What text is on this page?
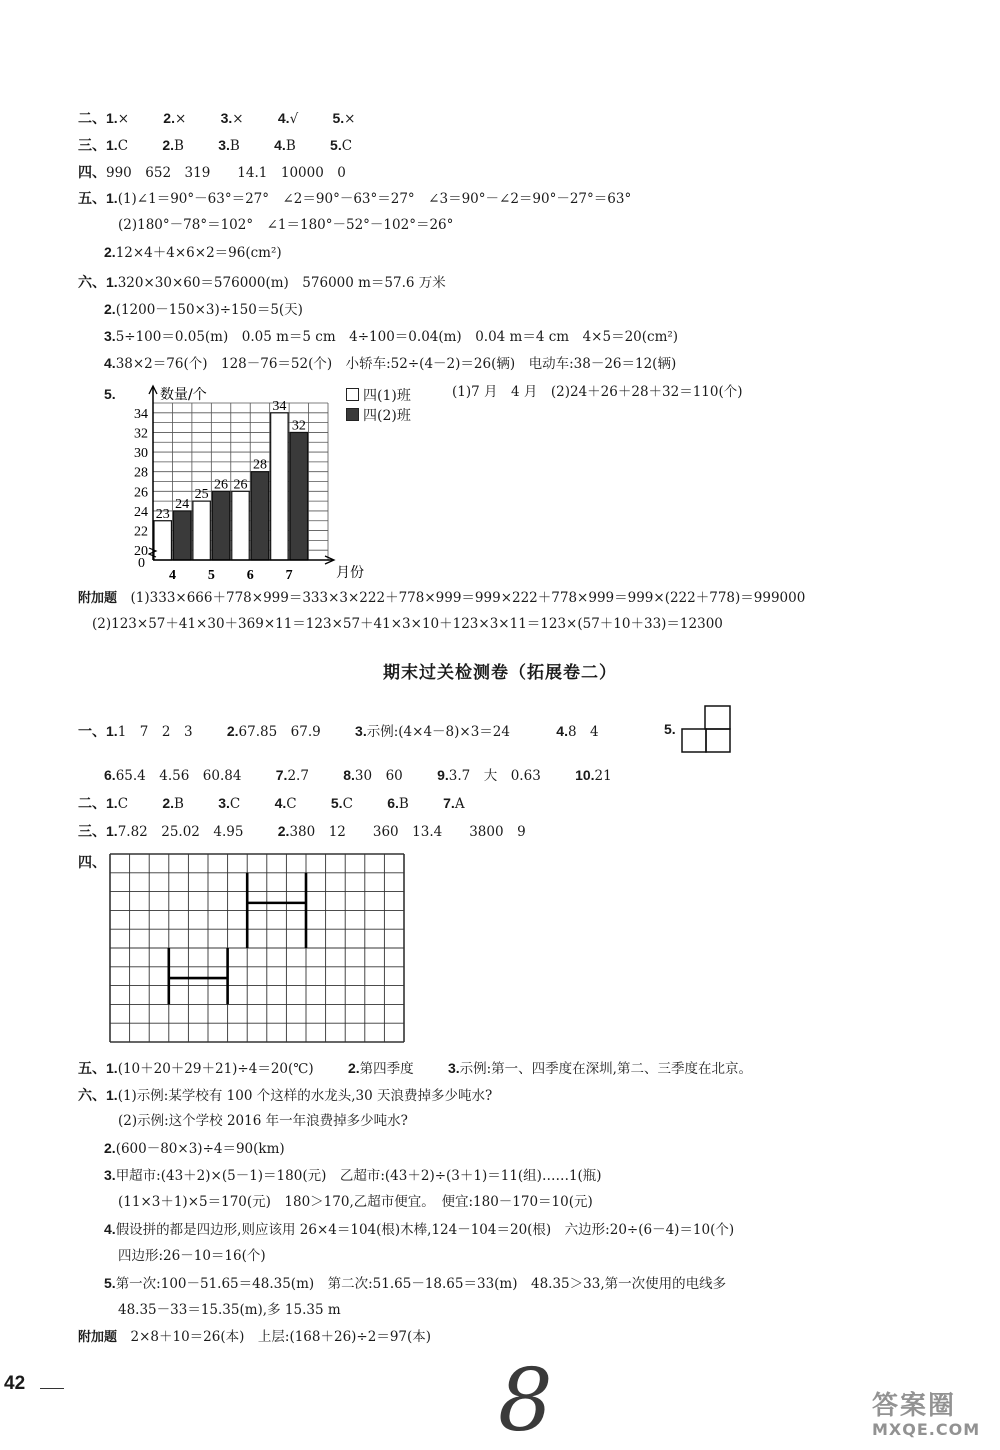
二、1.× 2.× 3.× 4.√ 5.×
三、1.C 2.B 3.B 4.B 5.C
四、990　652　319　　14.1　10000　0
五、1.(1)∠1＝90°－63°＝27°　∠2＝90°－63°＝27°　∠3＝90°－∠2＝90°－27°＝63°
(2)180°－78°＝102°　∠1＝180°－52°－102°＝26°
2.12×4＋4×6×2＝96(cm²)
六、1.320×30×60＝576000(m)　576000 m＝57.6 万米
2.(1200－150×3)÷150＝5(天)
3.5÷100＝0.05(m)　0.05 m＝5 cm　4÷100＝0.04(m)　0.04 m＝4 cm　4×5＝20(cm²)
4.38×2＝76(个)　128－76＝52(个)　小轿车:52÷(4－2)＝26(辆)　电动车:38－26＝12(辆)
5.	(1)7 月　4 月　(2)24＋26＋28＋32＝110(个)
23
24
25
26 26
28
34
32
20
22
24
26
28
30
32
34
4 5 6 7
数量/个
月份
0
四(1)班
四(2)班
附加题　 (1)333×666＋778×999＝333×3×222＋778×999＝999×222＋778×999＝999×(222＋778)＝999000
(2)123×57＋41×30＋369×11＝123×57＋41×3×10＋123×3×11＝123×(57＋10＋33)＝12300
期末过关检测卷（拓展卷二）
一、1.1　7　2　3 2.67.85　67.9 3.示例:(4×4－8)×3＝24	4.8　4	5.
6.65.4　4.56　60.84 7.2.7 8.30　60 9.3.7　大　0.63 10.21
二、1.C 2.B 3.C 4.C 5.C 6.B 7.A
三、1.7.82　25.02　4.95 2.380　12　　360　13.4　　3800　9
四、
五、1.(10＋20＋29＋21)÷4＝20(℃) 2.第四季度 3.示例:第一、四季度在深圳,第二、三季度在北京。
六、1.(1)示例:某学校有 100 个这样的水龙头,30 天浪费掉多少吨水?
(2)示例:这个学校 2016 年一年浪费掉多少吨水?
2.(600－80×3)÷4＝90(km)
3.甲超市:(43＋2)×(5－1)＝180(元)　乙超市:(43＋2)÷(3＋1)＝11(组)……1(瓶)
(11×3＋1)×5＝170(元)　180＞170,乙超市便宜。　便宜:180－170＝10(元)
4.假设拼的都是四边形,则应该用 26×4＝104(根)木棒,124－104＝20(根)　六边形:20÷(6－4)＝10(个)
四边形:26－10＝16(个)
5.第一次:100－51.65＝48.35(m)　第二次:51.65－18.65＝33(m)　48.35＞33,第一次使用的电线多
48.35－33＝15.35(m),多 15.35 m
附加题　 2×8＋10＝26(本)　上层:(168＋26)÷2＝97(本)
42	8	答案圈
MXQE.COM
